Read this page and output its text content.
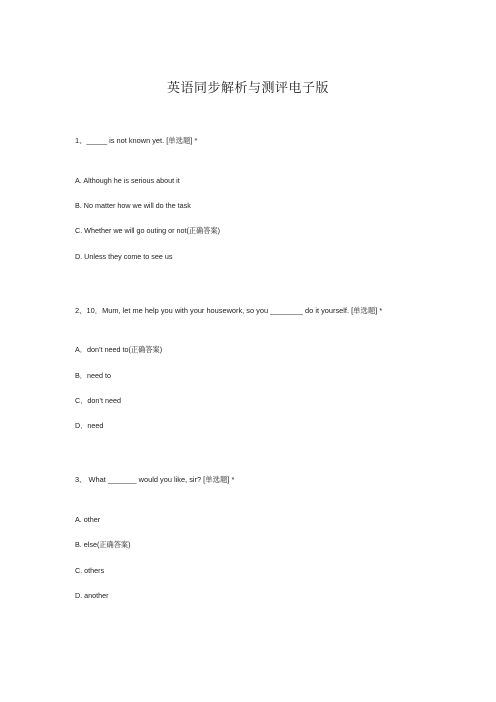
英语同步解析与测评电子版
1、_____ is not known yet. [单选题] *
A. Although he is serious about it
B. No matter how we will do the task
C. Whether we will go outing or not(正确答案)
D. Unless they come to see us
2、10．Mum, let me help you with your housework, so you ________ do it yourself. [单选题] *
A．don’t need to(正确答案)
B．need to
C．don’t need
D．need
3、 What _______ would you like, sir? [单选题] *
A. other
B. else(正确答案)
C. others
D. another
